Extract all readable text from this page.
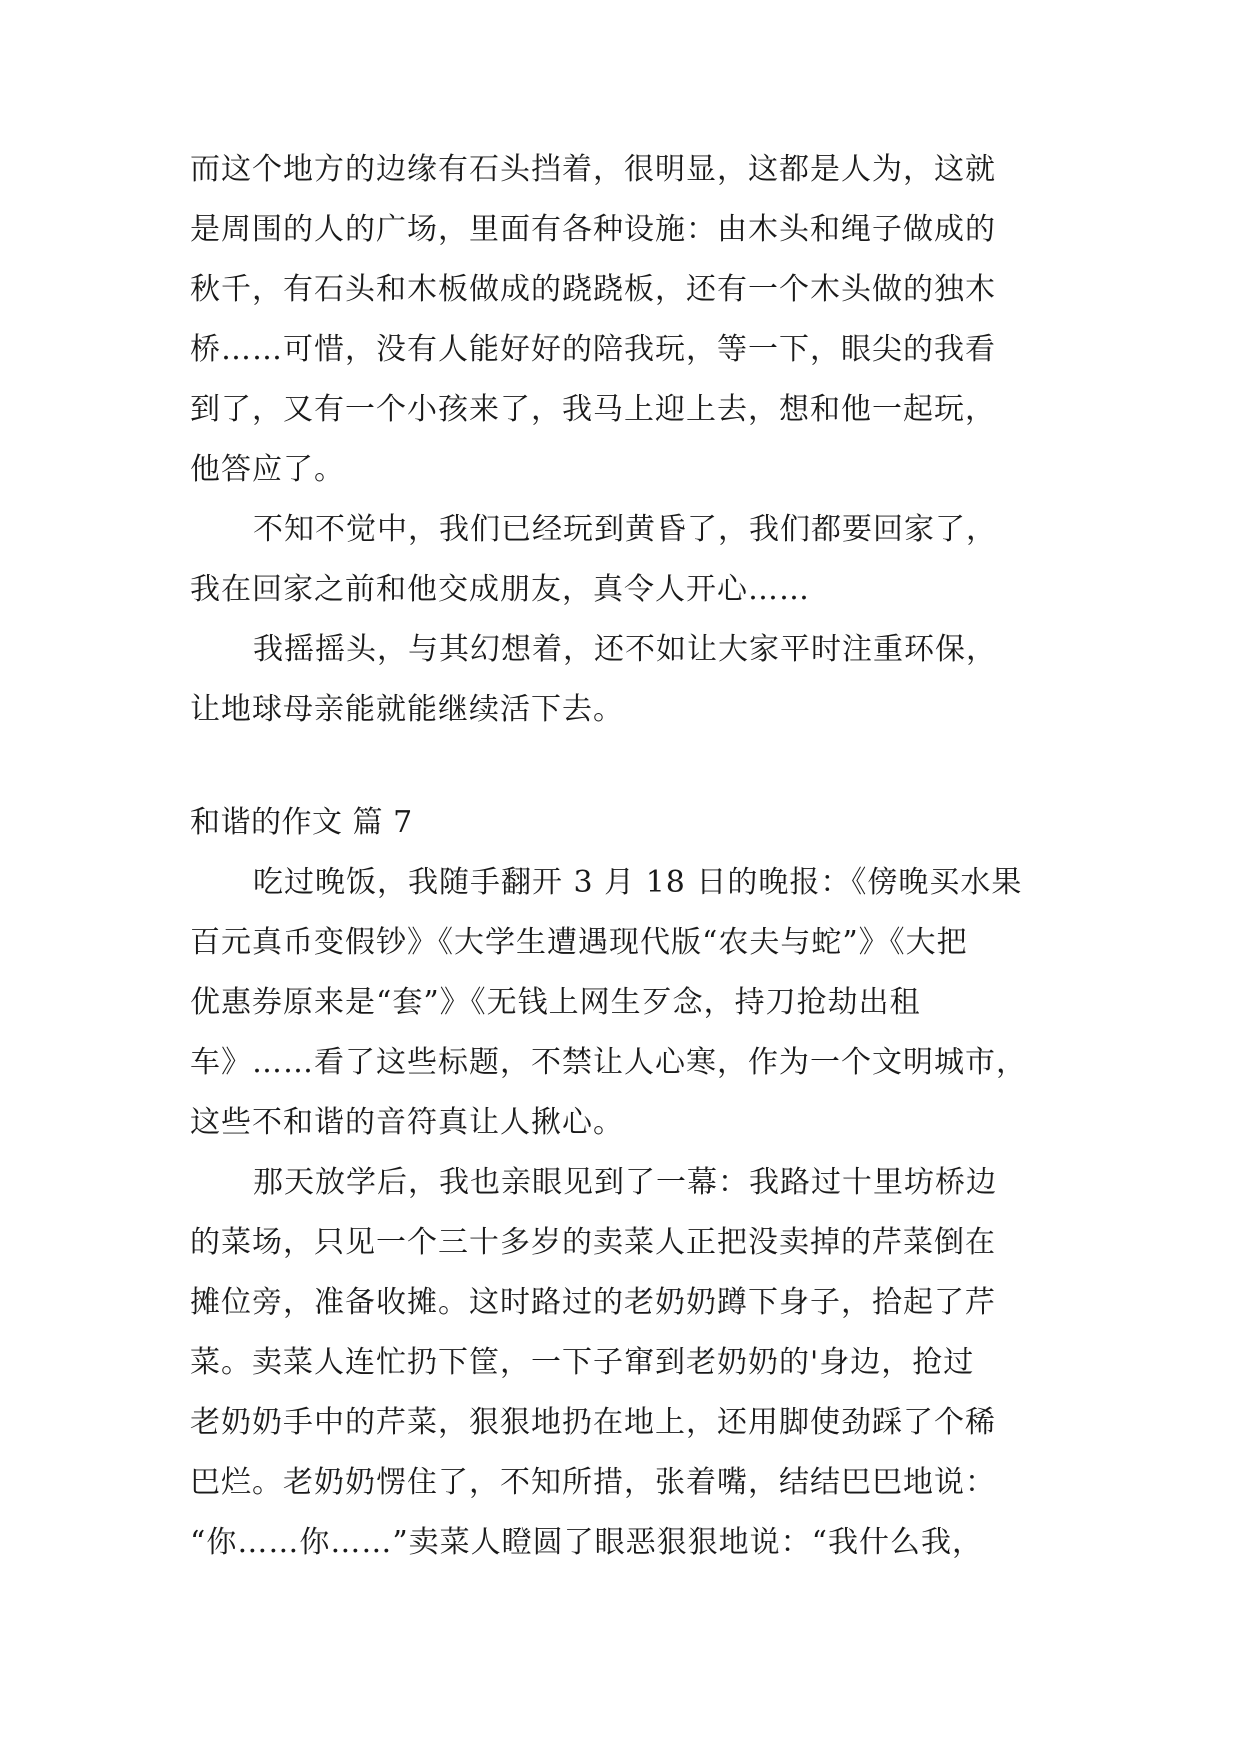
而这个地方的边缘有石头挡着，很明显，这都是人为，这就
是周围的人的广场，里面有各种设施：由木头和绳子做成的
秋千，有石头和木板做成的跷跷板，还有一个木头做的独木
桥……可惜，没有人能好好的陪我玩，等一下，眼尖的我看
到了，又有一个小孩来了，我马上迎上去，想和他一起玩，
他答应了。
不知不觉中，我们已经玩到黄昏了，我们都要回家了，
我在回家之前和他交成朋友，真令人开心……
我摇摇头，与其幻想着，还不如让大家平时注重环保，
让地球母亲能就能继续活下去。
和谐的作文 篇 7
吃过晚饭，我随手翻开 3 月 18 日的晚报：《傍晚买水果
百元真币变假钞》《大学生遭遇现代版“农夫与蛇”》《大把
优惠券原来是“套”》《无钱上网生歹念，持刀抢劫出租
车》……看了这些标题，不禁让人心寒，作为一个文明城市，
这些不和谐的音符真让人揪心。
那天放学后，我也亲眼见到了一幕：我路过十里坊桥边
的菜场，只见一个三十多岁的卖菜人正把没卖掉的芹菜倒在
摊位旁，准备收摊。这时路过的老奶奶蹲下身子，拾起了芹
菜。卖菜人连忙扔下筐，一下子窜到老奶奶的'身边，抢过
老奶奶手中的芹菜，狠狠地扔在地上，还用脚使劲踩了个稀
巴烂。老奶奶愣住了，不知所措，张着嘴，结结巴巴地说：
“你……你……”卖菜人瞪圆了眼恶狠狠地说：“我什么我，
